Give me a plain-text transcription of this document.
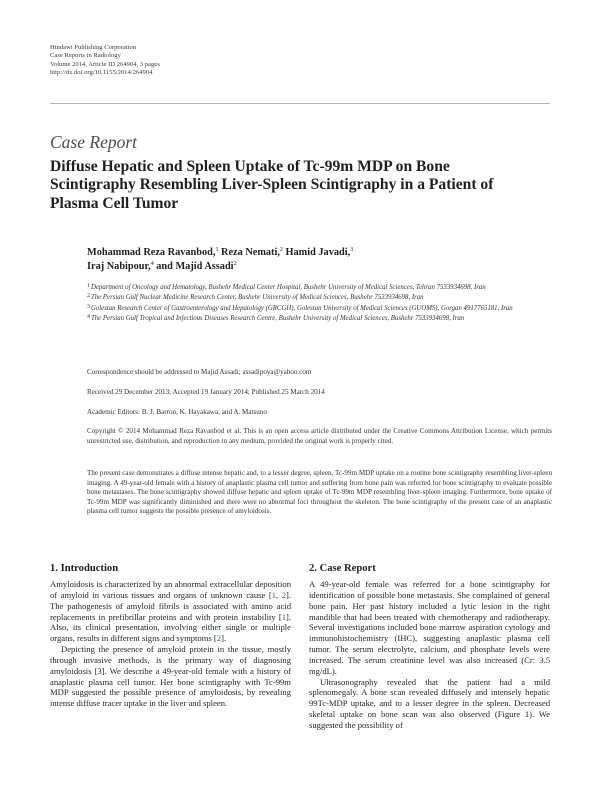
Hindawi Publishing Corporation
Case Reports in Radiology
Volume 2014, Article ID 264904, 3 pages
http://dx.doi.org/10.1155/2014/264904
Case Report
Diffuse Hepatic and Spleen Uptake of Tc-99m MDP on Bone Scintigraphy Resembling Liver-Spleen Scintigraphy in a Patient of Plasma Cell Tumor
Mohammad Reza Ravanbod,$^1$ Reza Nemati,$^2$ Hamid Javadi,$^3$
Iraj Nabipour,$^4$ and Majid Assadi$^2$
1 Department of Oncology and Hematology, Bushehr Medical Center Hospital, Bushehr University of Medical Sciences, Tehran 7533934698, Iran
2 The Persian Gulf Nuclear Medicine Research Center, Bushehr University of Medical Sciences, Bushehr 7533934698, Iran
3 Golestan Research Center of Gastroenterology and Hepatology (GRCGH), Golestan University of Medical Sciences (GUOMS), Gorgan 4917765181, Iran
4 The Persian Gulf Tropical and Infectious Diseases Research Centre, Bushehr University of Medical Sciences, Bushehr 7533934698, Iran
Correspondence should be addressed to Majid Assadi; assadipoya@yahoo.com
Received 29 December 2013; Accepted 19 January 2014; Published 25 March 2014
Academic Editors: B. J. Barron, K. Hayakawa, and A. Matsuno
Copyright © 2014 Mohammad Reza Ravanbod et al. This is an open access article distributed under the Creative Commons Attribution License, which permits unrestricted use, distribution, and reproduction in any medium, provided the original work is properly cited.
The present case demonstrates a diffuse intense hepatic and, to a lesser degree, spleen, Tc-99m MDP uptake on a routine bone scintigraphy resembling liver-spleen imaging. A 49-year-old female with a history of anaplastic plasma cell tumor and suffering from bone pain was referred for bone scintigraphy to evaluate possible bone metastases. The bone scintigraphy showed diffuse hepatic and spleen uptake of Tc-99m MDP resembling liver-spleen imaging. Furthermore, bone uptake of Tc-99m MDP was significantly diminished and there were no abnormal foci throughout the skeleton. The bone scintigraphy of the present case of an anaplastic plasma cell tumor suggests the possible presence of amyloidosis.
1. Introduction

Amyloidosis is characterized by an abnormal extracellular deposition of amyloid in various tissues and organs of unknown cause [1, 2]. The pathogenesis of amyloid fibrils is associated with amino acid replacements in prefibrillar proteins and with protein instability [1]. Also, its clinical presentation, involving either single or multiple organs, results in different signs and symptoms [2].

Depicting the presence of amyloid protein in the tissue, mostly through invasive methods, is the primary way of diagnosing amyloidosis [3]. We describe a 49-year-old female with a history of anaplastic plasma cell tumor. Her bone scintigraphy with Tc-99m MDP suggested the possible presence of amyloidosis, by revealing intense diffuse tracer uptake in the liver and spleen.

2. Case Report

A 49-year-old female was referred for a bone scintigraphy for identification of possible bone metastasis. She complained of general bone pain. Her past history included a lytic lesion in the right mandible that had been treated with chemotherapy and radiotherapy. Several investigations included bone marrow aspiration cytology and immunohistochemistry (IHC), suggesting anaplastic plasma cell tumor. The serum electrolyte, calcium, and phosphate levels were increased. The serum creatinine level was also increased (Cr: 3.5 mg/dL).

Ultrasonography revealed that the patient had a mild splenomegaly. A bone scan revealed diffusely and intensely hepatic 99Tc-MDP uptake, and to a lesser degree in the spleen. Decreased skeletal uptake on bone scan was also observed (Figure 1). We suggested the possibility of
